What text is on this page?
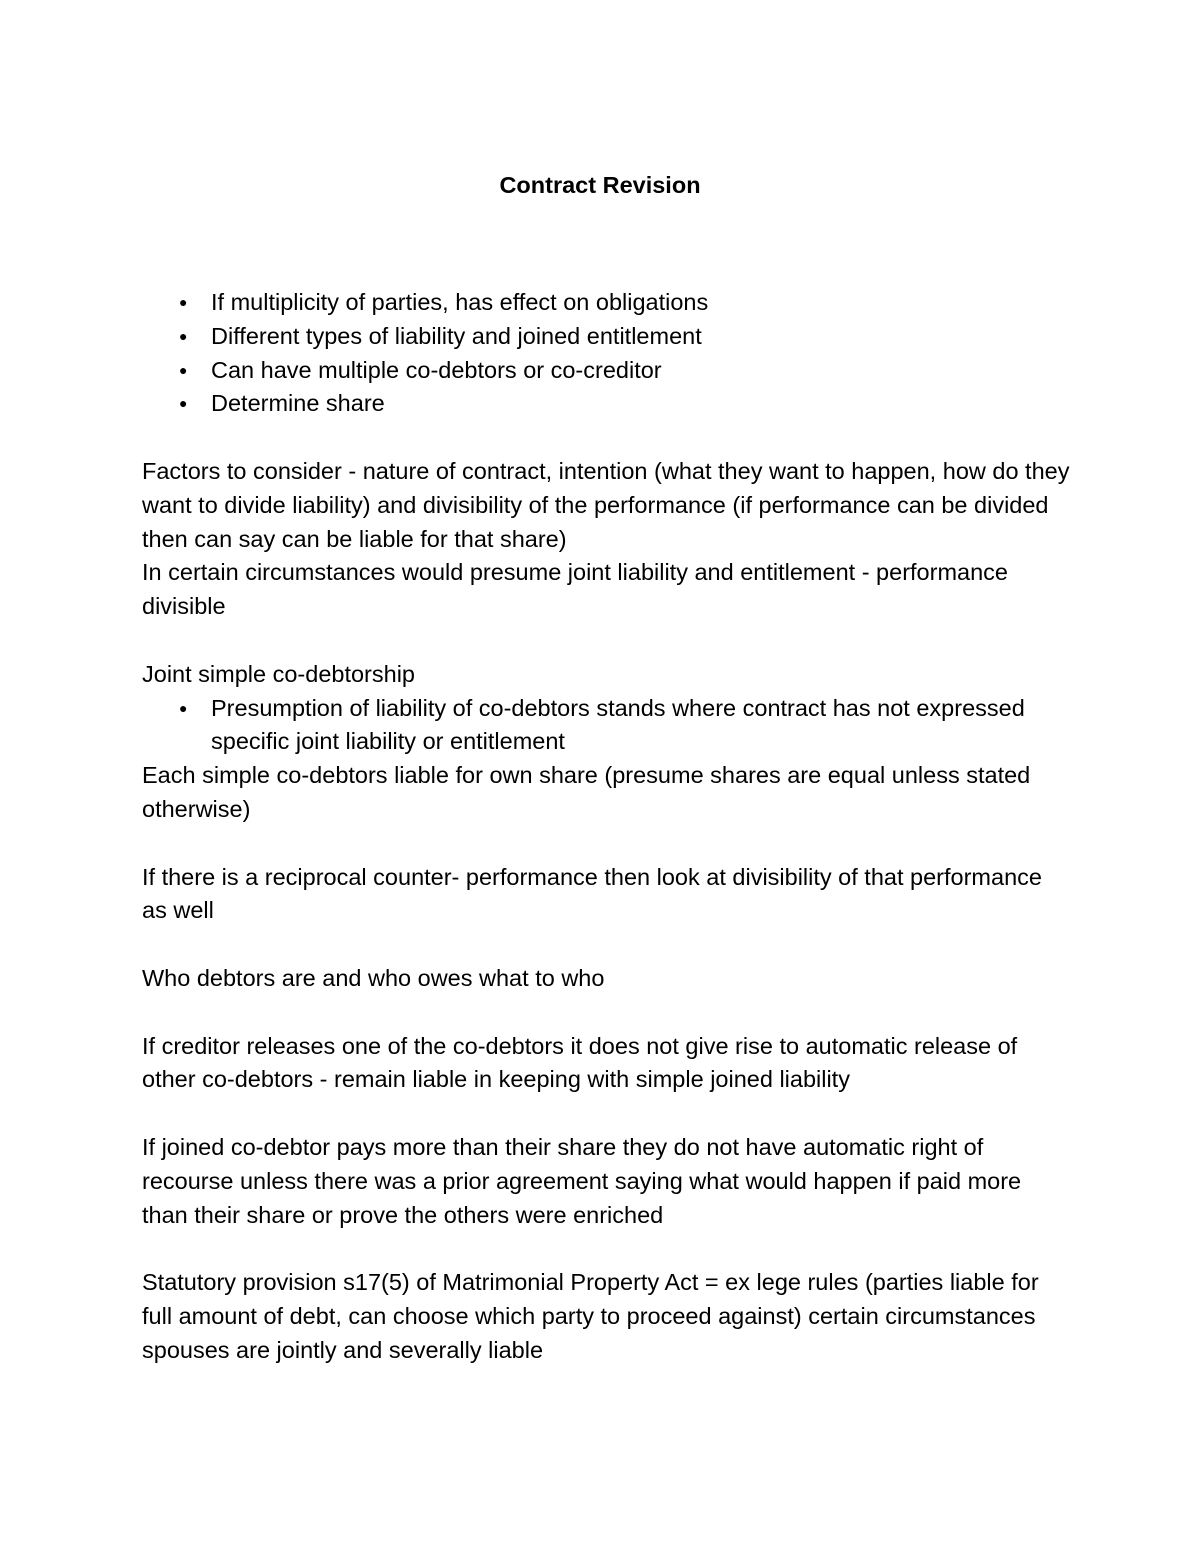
Contract Revision
● If multiplicity of parties, has effect on obligations
● Different types of liability and joined entitlement
● Can have multiple co-debtors or co-creditor
● Determine share

Factors to consider - nature of contract, intention (what they want to happen, how do they want to divide liability) and divisibility of the performance (if performance can be divided then can say can be liable for that share)

In certain circumstances would presume joint liability and entitlement - performance divisible

Joint simple co-debtorship

● Presumption of liability of co-debtors stands where contract has not expressed specific joint liability or entitlement

Each simple co-debtors liable for own share (presume shares are equal unless stated otherwise)

If there is a reciprocal counter- performance then look at divisibility of that performance as well

Who debtors are and who owes what to who

If creditor releases one of the co-debtors it does not give rise to automatic release of other co-debtors - remain liable in keeping with simple joined liability

If joined co-debtor pays more than their share they do not have automatic right of recourse unless there was a prior agreement saying what would happen if paid more than their share or prove the others were enriched

Statutory provision s17(5) of Matrimonial Property Act = ex lege rules (parties liable for full amount of debt, can choose which party to proceed against) certain circumstances spouses are jointly and severally liable
